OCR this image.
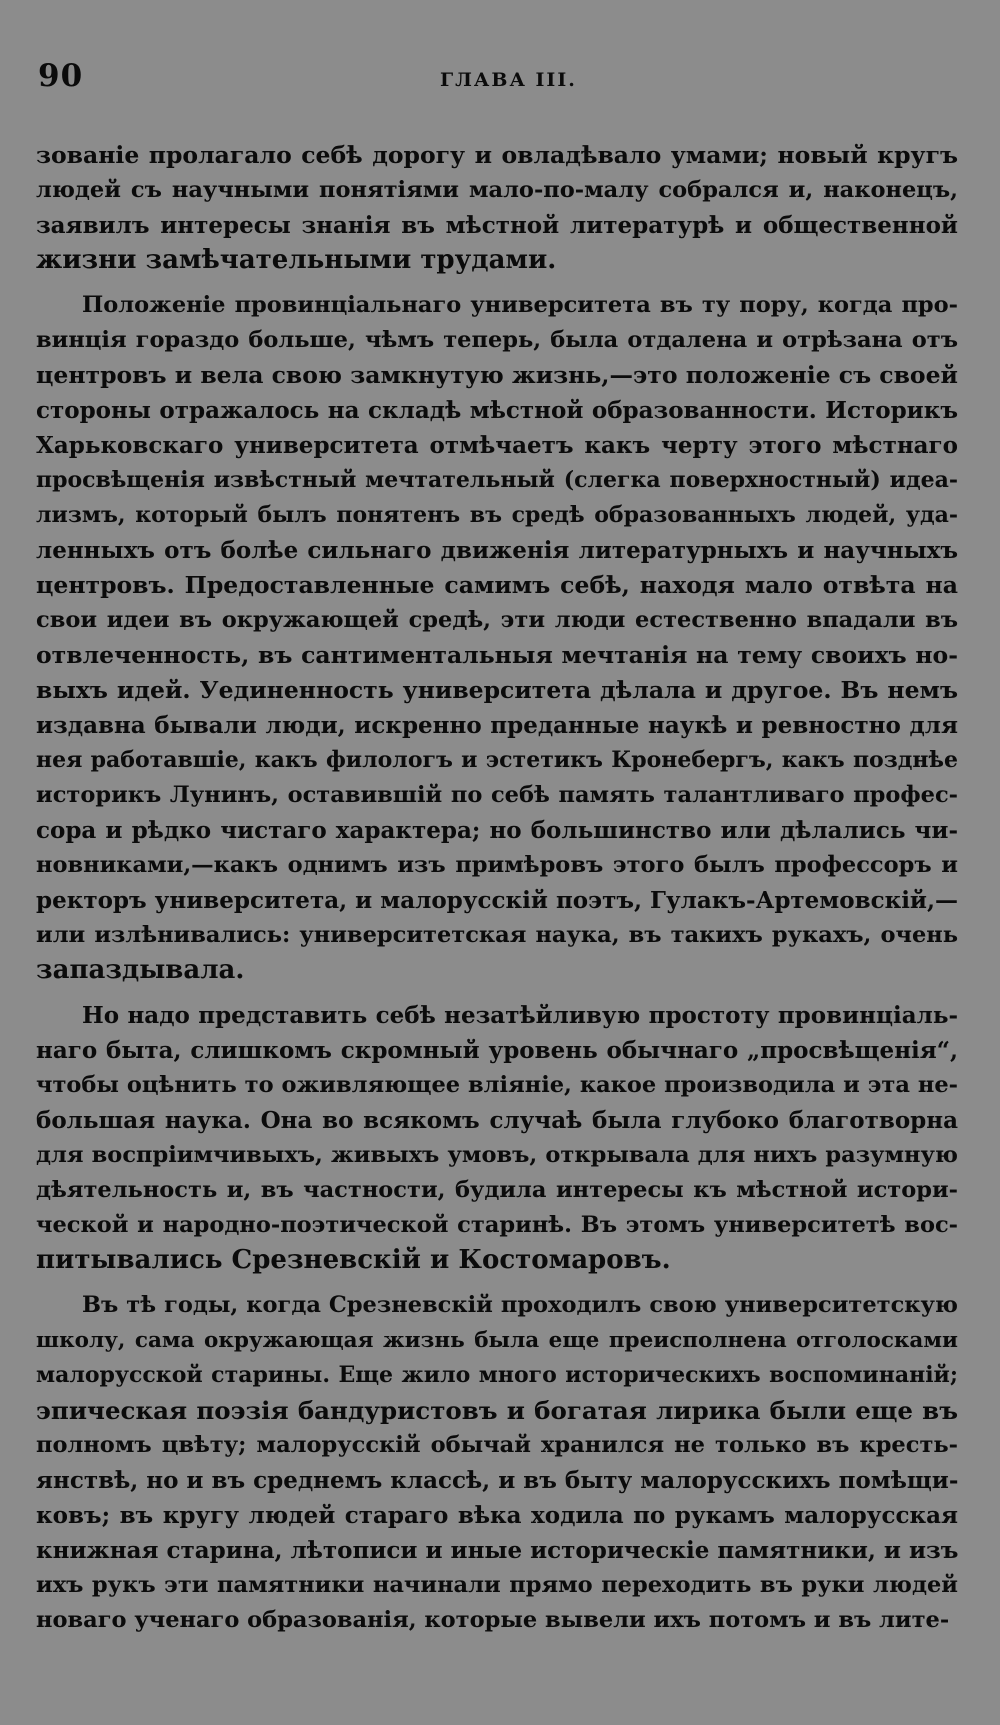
90	ГЛАВА III.
зованіе пролагало себѣ дорогу и овладѣвало умами; новый кругъ
людей съ научными понятіями мало-по-малу собрался и, наконецъ,
заявилъ интересы знанія въ мѣстной литературѣ и общественной
жизни замѣчательными трудами.
Положеніе провинціальнаго университета въ ту пору, когда про-
винція гораздо больше, чѣмъ теперь, была отдалена и отрѣзана отъ
центровъ и вела свою замкнутую жизнь,—это положеніе съ своей
стороны отражалось на складѣ мѣстной образованности. Историкъ
Харьковскаго университета отмѣчаетъ какъ черту этого мѣстнаго
просвѣщенія извѣстный мечтательный (слегка поверхностный) идеа-
лизмъ, который былъ понятенъ въ средѣ образованныхъ людей, уда-
ленныхъ отъ болѣе сильнаго движенія литературныхъ и научныхъ
центровъ. Предоставленные самимъ себѣ, находя мало отвѣта на
свои идеи въ окружающей средѣ, эти люди естественно впадали въ
отвлеченность, въ сантиментальныя мечтанія на тему своихъ но-
выхъ идей. Уединенность университета дѣлала и другое. Въ немъ
издавна бывали люди, искренно преданные наукѣ и ревностно для
нея работавшіе, какъ филологъ и эстетикъ Кронебергъ, какъ позднѣе
историкъ Лунинъ, оставившій по себѣ память талантливаго профес-
сора и рѣдко чистаго характера; но большинство или дѣлались чи-
новниками,—какъ однимъ изъ примѣровъ этого былъ профессоръ и
ректоръ университета, и малорусскій поэтъ, Гулакъ-Артемовскій,—
или излѣнивались: университетская наука, въ такихъ рукахъ, очень
запаздывала.
Но надо представить себѣ незатѣйливую простоту провинціаль-
наго быта, слишкомъ скромный уровень обычнаго „просвѣщенія“,
чтобы оцѣнить то оживляющее вліяніе, какое производила и эта не-
большая наука. Она во всякомъ случаѣ была глубоко благотворна
для воспріимчивыхъ, живыхъ умовъ, открывала для нихъ разумную
дѣятельность и, въ частности, будила интересы къ мѣстной истори-
ческой и народно-поэтической старинѣ. Въ этомъ университетѣ вос-
питывались Срезневскій и Костомаровъ.
Въ тѣ годы, когда Срезневскій проходилъ свою университетскую
школу, сама окружающая жизнь была еще преисполнена отголосками
малорусской старины. Еще жило много историческихъ воспоминаній;
эпическая поэзія бандуристовъ и богатая лирика были еще въ
полномъ цвѣту; малорусскій обычай хранился не только въ кресть-
янствѣ, но и въ среднемъ классѣ, и въ быту малорусскихъ помѣщи-
ковъ; въ кругу людей стараго вѣка ходила по рукамъ малорусская
книжная старина, лѣтописи и иные историческіе памятники, и изъ
ихъ рукъ эти памятники начинали прямо переходить въ руки людей
новаго ученаго образованія, которые вывели ихъ потомъ и въ лите-
